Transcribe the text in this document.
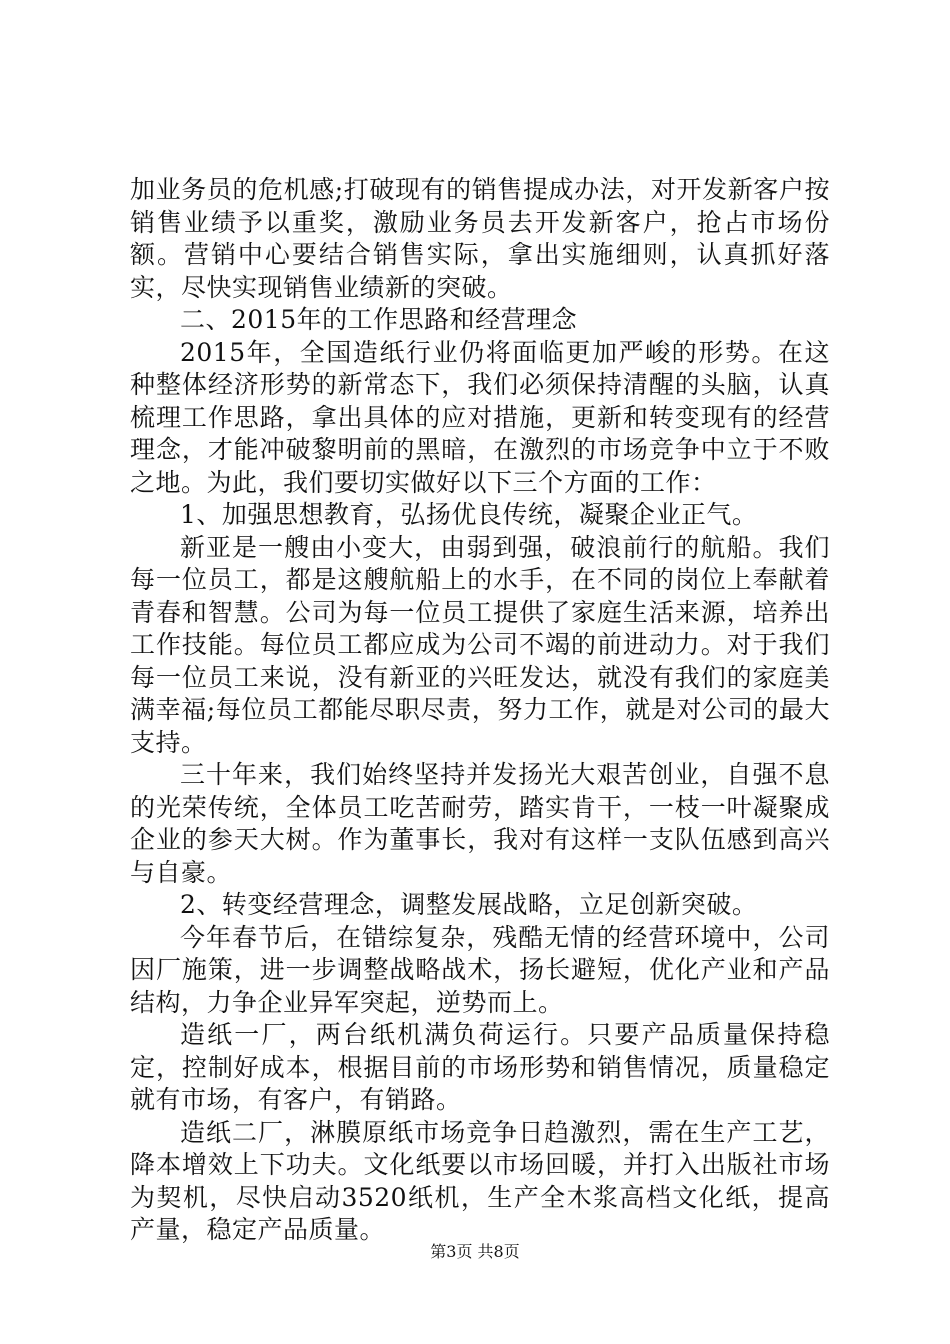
加业务员的危机感;打破现有的销售提成办法，对开发新客户按销售业绩予以重奖，激励业务员去开发新客户，抢占市场份额。营销中心要结合销售实际，拿出实施细则，认真抓好落实，尽快实现销售业绩新的突破。

二、2015年的工作思路和经营理念

2015年，全国造纸行业仍将面临更加严峻的形势。在这种整体经济形势的新常态下，我们必须保持清醒的头脑，认真梳理工作思路，拿出具体的应对措施，更新和转变现有的经营理念，才能冲破黎明前的黑暗，在激烈的市场竞争中立于不败之地。为此，我们要切实做好以下三个方面的工作：

1、加强思想教育，弘扬优良传统，凝聚企业正气。

新亚是一艘由小变大，由弱到强，破浪前行的航船。我们每一位员工，都是这艘航船上的水手，在不同的岗位上奉献着青春和智慧。公司为每一位员工提供了家庭生活来源，培养出工作技能。每位员工都应成为公司不竭的前进动力。对于我们每一位员工来说，没有新亚的兴旺发达，就没有我们的家庭美满幸福;每位员工都能尽职尽责，努力工作，就是对公司的最大支持。

三十年来，我们始终坚持并发扬光大艰苦创业，自强不息的光荣传统，全体员工吃苦耐劳，踏实肯干，一枝一叶凝聚成企业的参天大树。作为董事长，我对有这样一支队伍感到高兴与自豪。

2、转变经营理念，调整发展战略，立足创新突破。

今年春节后，在错综复杂，残酷无情的经营环境中，公司因厂施策，进一步调整战略战术，扬长避短，优化产业和产品结构，力争企业异军突起，逆势而上。

造纸一厂，两台纸机满负荷运行。只要产品质量保持稳定，控制好成本，根据目前的市场形势和销售情况，质量稳定就有市场，有客户，有销路。

造纸二厂，淋膜原纸市场竞争日趋激烈，需在生产工艺，降本增效上下功夫。文化纸要以市场回暖，并打入出版社市场为契机，尽快启动3520纸机，生产全木浆高档文化纸，提高产量，稳定产品质量。

第3页 共8页
